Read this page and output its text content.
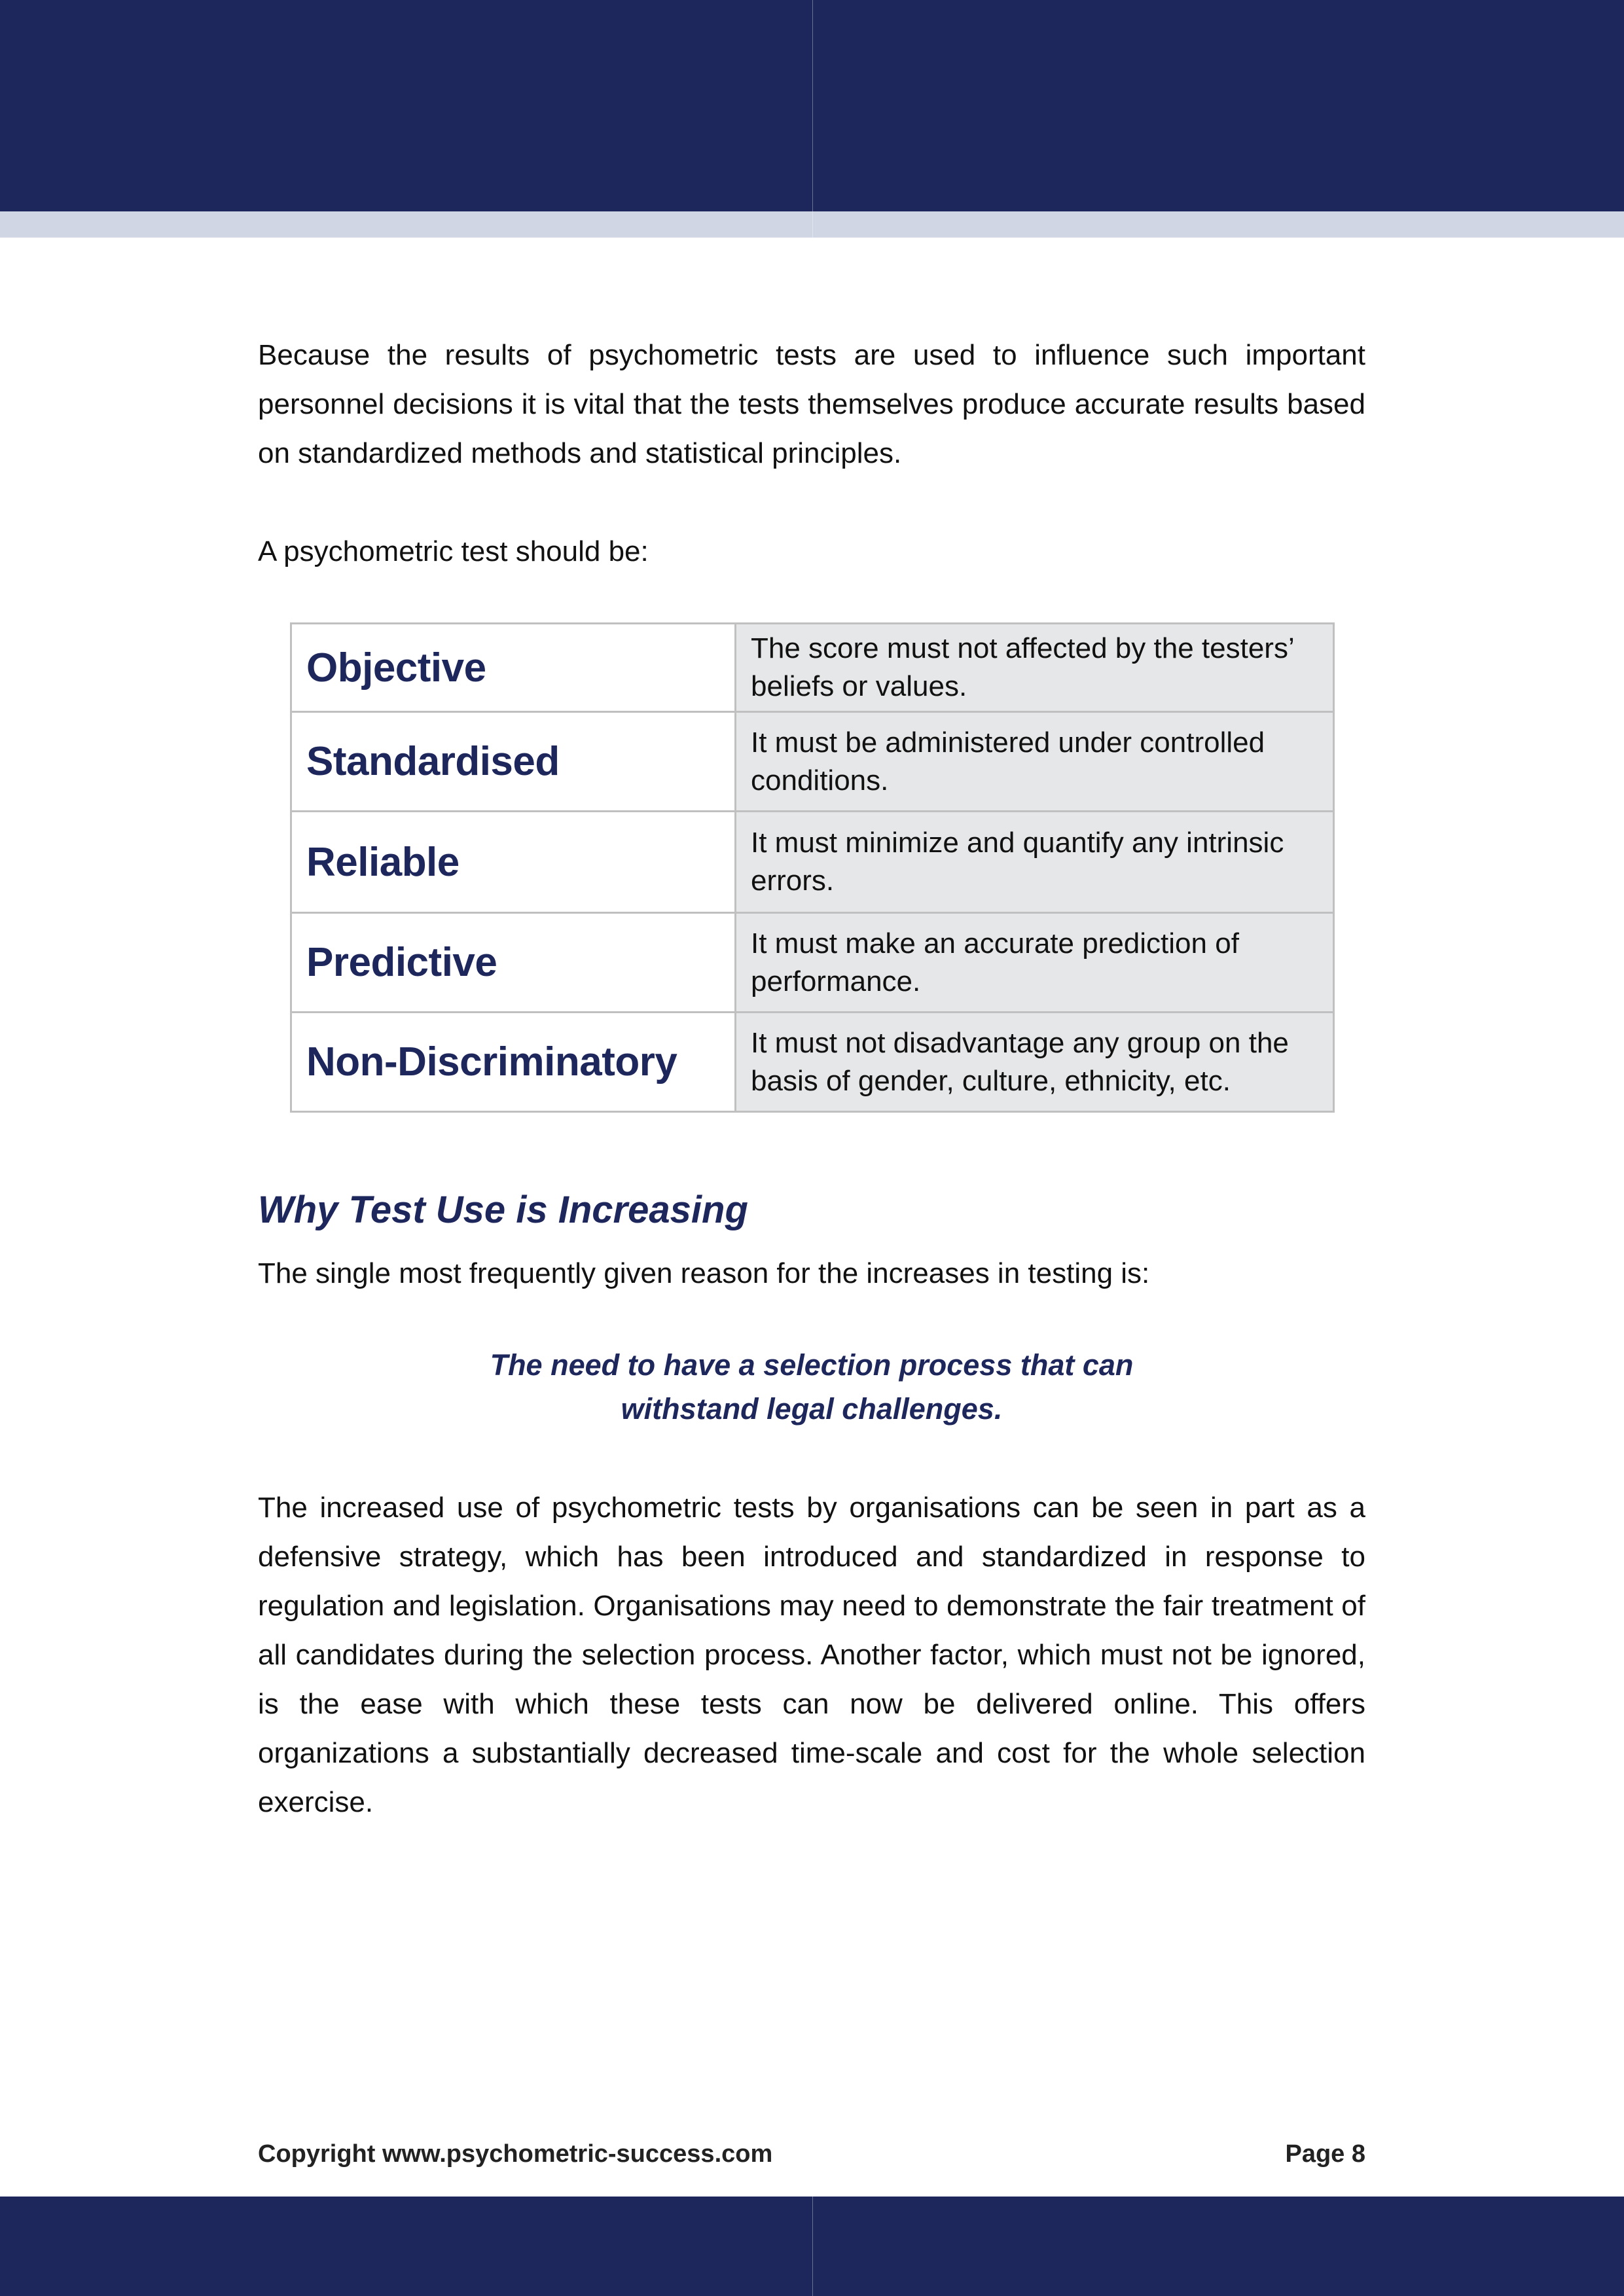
Because the results of psychometric tests are used to influence such important personnel decisions it is vital that the tests themselves produce accurate results based on standardized methods and statistical principles.

A psychometric test should be:

Objective	The score must not affected by the testers’ beliefs or values.
Standardised	It must be administered under controlled conditions.
Reliable	It must minimize and quantify any intrinsic errors.
Predictive	It must make an accurate prediction of performance.
Non-Discriminatory	It must not disadvantage any group on the basis of gender, culture, ethnicity, etc.
Why Test Use is Increasing

The single most frequently given reason for the increases in testing is:

The need to have a selection process that can
withstand legal challenges.

The increased use of psychometric tests by organisations can be seen in part as a defensive strategy, which has been introduced and standardized in response to regulation and legislation. Organisations may need to demonstrate the fair treatment of all candidates during the selection process. Another factor, which must not be ignored, is the ease with which these tests can now be delivered online. This offers organizations a substantially decreased time-scale and cost for the whole selection exercise.

Copyright www.psychometric-success.com	Page 8
